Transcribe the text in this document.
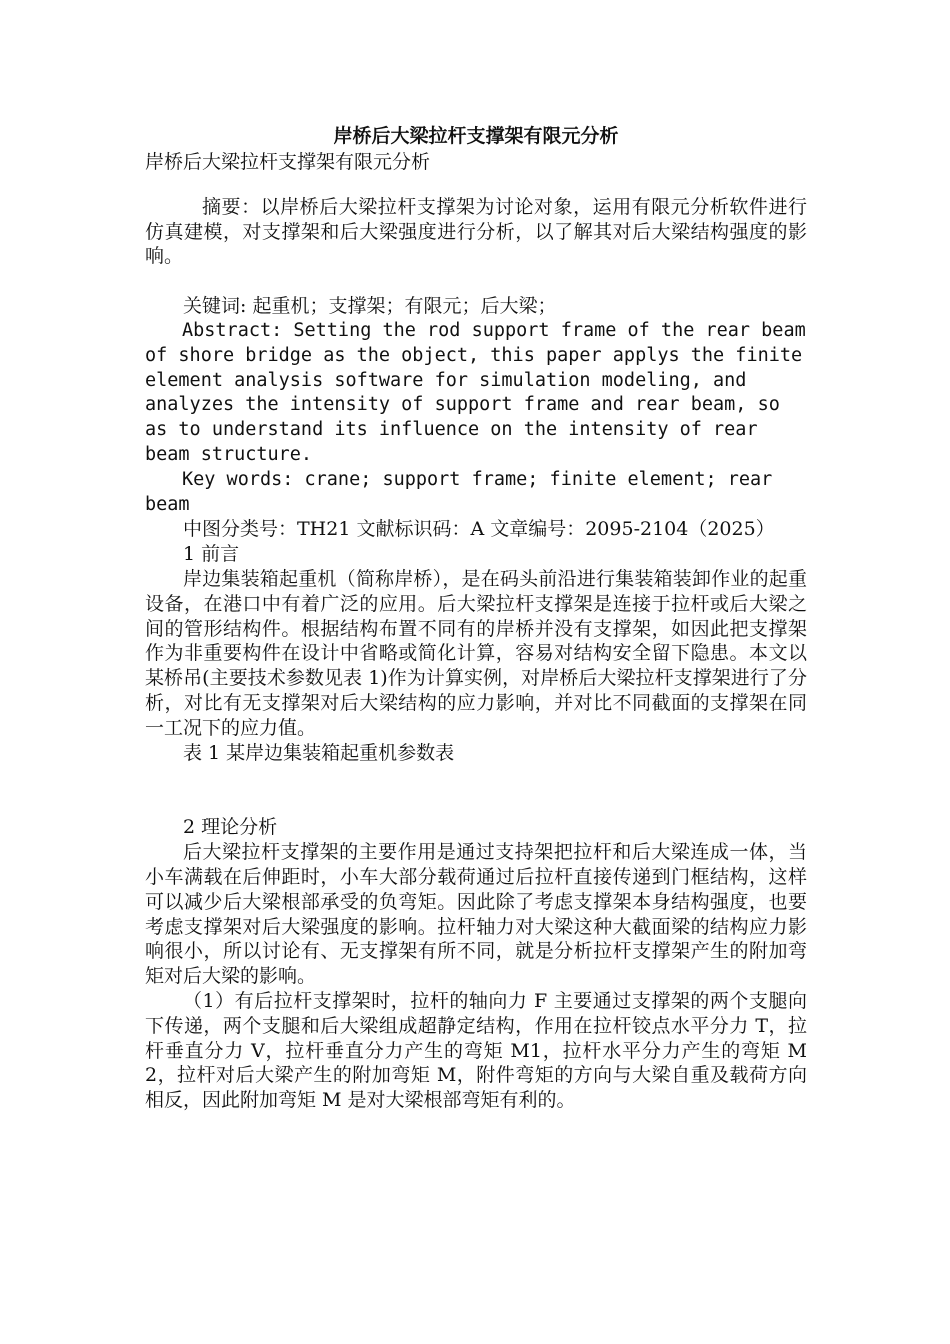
岸桥后大梁拉杆支撑架有限元分析

岸桥后大梁拉杆支撑架有限元分析

摘要：以岸桥后大梁拉杆支撑架为讨论对象，运用有限元分析软件进行仿真建模，对支撑架和后大梁强度进行分析，以了解其对后大梁结构强度的影响。

关键词: 起重机；支撑架；有限元；后大梁；

Abstract: Setting the rod support frame of the rear beam of shore bridge as the object, this paper applys the finite element analysis software for simulation modeling, and analyzes the intensity of support frame and rear beam, so as to understand its influence on the intensity of rear beam structure.

Key words: crane; support frame; finite element; rear beam

中图分类号：TH21 文献标识码：A 文章编号：2095-2104（2025）

1 前言

岸边集装箱起重机（简称岸桥），是在码头前沿进行集装箱装卸作业的起重设备，在港口中有着广泛的应用。后大梁拉杆支撑架是连接于拉杆或后大梁之间的管形结构件。根据结构布置不同有的岸桥并没有支撑架，如因此把支撑架作为非重要构件在设计中省略或简化计算，容易对结构安全留下隐患。本文以某桥吊(主要技术参数见表 1)作为计算实例，对岸桥后大梁拉杆支撑架进行了分析，对比有无支撑架对后大梁结构的应力影响，并对比不同截面的支撑架在同一工况下的应力值。

表 1 某岸边集装箱起重机参数表

2 理论分析

后大梁拉杆支撑架的主要作用是通过支持架把拉杆和后大梁连成一体，当小车满载在后伸距时，小车大部分载荷通过后拉杆直接传递到门框结构，这样可以减少后大梁根部承受的负弯矩。因此除了考虑支撑架本身结构强度，也要考虑支撑架对后大梁强度的影响。拉杆轴力对大梁这种大截面梁的结构应力影响很小，所以讨论有、无支撑架有所不同，就是分析拉杆支撑架产生的附加弯矩对后大梁的影响。

（1）有后拉杆支撑架时，拉杆的轴向力 F 主要通过支撑架的两个支腿向下传递，两个支腿和后大梁组成超静定结构，作用在拉杆铰点水平分力 T，拉杆垂直分力 V，拉杆垂直分力产生的弯矩 M1，拉杆水平分力产生的弯矩 M2，拉杆对后大梁产生的附加弯矩 M，附件弯矩的方向与大梁自重及载荷方向相反，因此附加弯矩 M 是对大梁根部弯矩有利的。
